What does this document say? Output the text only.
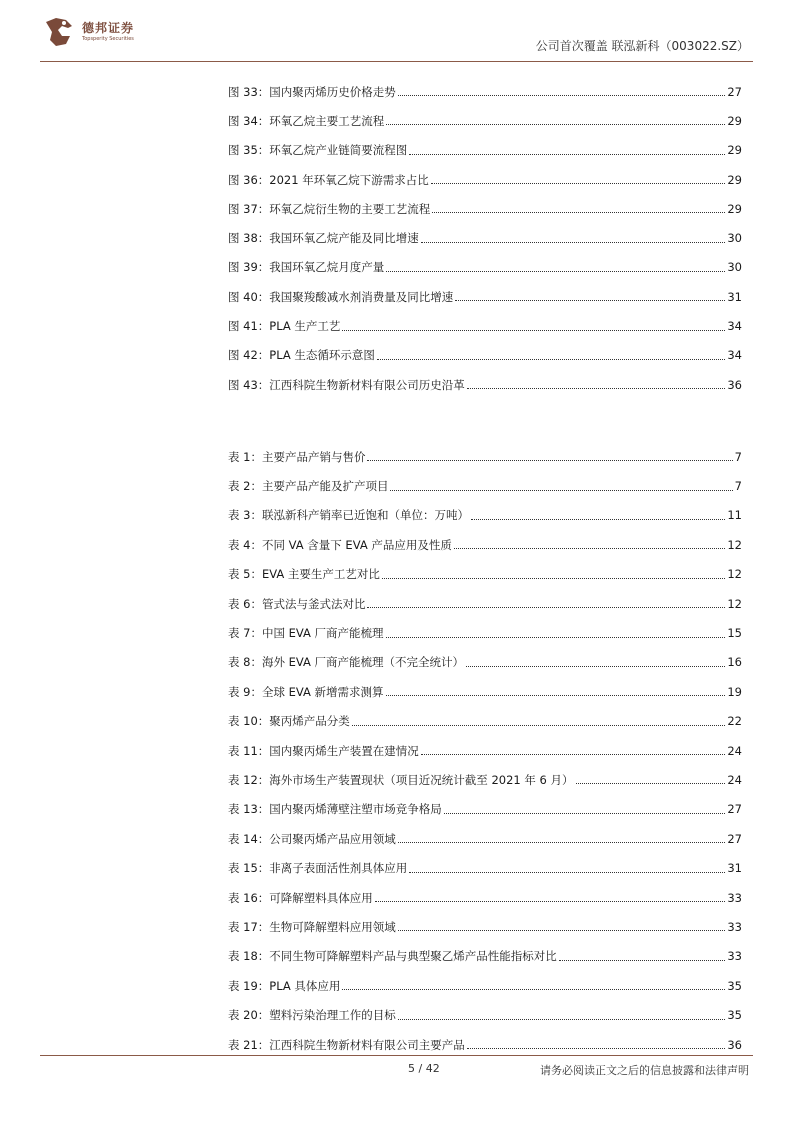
德邦证券
Topsperity Securities	公司首次覆盖 联泓新科（003022.SZ）
图 33：国内聚丙烯历史价格走势	27
图 34：环氧乙烷主要工艺流程	29
图 35：环氧乙烷产业链简要流程图	29
图 36：2021 年环氧乙烷下游需求占比	29
图 37：环氧乙烷衍生物的主要工艺流程	29
图 38：我国环氧乙烷产能及同比增速	30
图 39：我国环氧乙烷月度产量	30
图 40：我国聚羧酸减水剂消费量及同比增速	31
图 41：PLA 生产工艺	34
图 42：PLA 生态循环示意图	34
图 43：江西科院生物新材料有限公司历史沿革	36
表 1：主要产品产销与售价	7
表 2：主要产品产能及扩产项目	7
表 3：联泓新科产销率已近饱和（单位：万吨）	11
表 4：不同 VA 含量下 EVA 产品应用及性质	12
表 5：EVA 主要生产工艺对比	12
表 6：管式法与釜式法对比	12
表 7：中国 EVA 厂商产能梳理	15
表 8：海外 EVA 厂商产能梳理（不完全统计）	16
表 9：全球 EVA 新增需求测算	19
表 10：聚丙烯产品分类	22
表 11：国内聚丙烯生产装置在建情况	24
表 12：海外市场生产装置现状（项目近况统计截至 2021 年 6 月）	24
表 13：国内聚丙烯薄壁注塑市场竞争格局	27
表 14：公司聚丙烯产品应用领域	27
表 15：非离子表面活性剂具体应用	31
表 16：可降解塑料具体应用	33
表 17：生物可降解塑料应用领域	33
表 18：不同生物可降解塑料产品与典型聚乙烯产品性能指标对比	33
表 19：PLA 具体应用	35
表 20：塑料污染治理工作的目标	35
表 21：江西科院生物新材料有限公司主要产品	36
5 / 42	请务必阅读正文之后的信息披露和法律声明
